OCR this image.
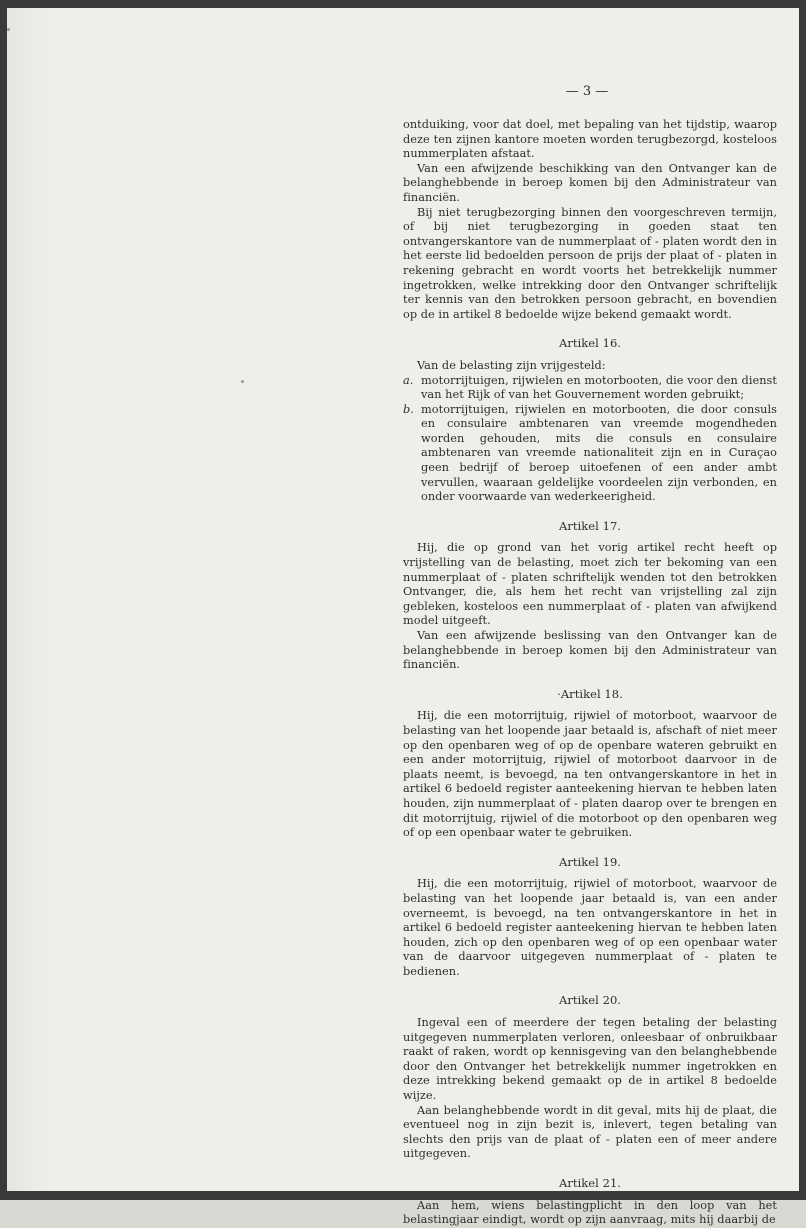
— 3 —

ontduiking, voor dat doel, met bepaling van het tijdstip, waarop deze ten zijnen kantore moeten worden terugbezorgd, kosteloos nummerplaten afstaat.

Van een afwijzende beschikking van den Ontvanger kan de belanghebbende in beroep komen bij den Administrateur van financiën.

Bij niet terugbezorging binnen den voorgeschreven termijn, of bij niet terugbezorging in goeden staat ten ontvangerskantore van de nummerplaat of - platen wordt den in het eerste lid bedoelden persoon de prijs der plaat of - platen in rekening gebracht en wordt voorts het betrekkelijk nummer ingetrokken, welke intrekking door den Ontvanger schriftelijk ter kennis van den betrokken persoon gebracht, en bovendien op de in artikel 8 bedoelde wijze bekend gemaakt wordt.

Artikel 16.

Van de belasting zijn vrijgesteld:

a. motorrijtuigen, rijwielen en motorbooten, die voor den dienst van het Rijk of van het Gouvernement worden gebruikt;
b. motorrijtuigen, rijwielen en motorbooten, die door consuls en consulaire ambtenaren van vreemde mogendheden worden gehouden, mits die consuls en consulaire ambtenaren van vreemde nationaliteit zijn en in Curaçao geen bedrijf of beroep uitoefenen of een ander ambt vervullen, waaraan geldelijke voordeelen zijn verbonden, en onder voorwaarde van wederkeerigheid.
Artikel 17.

Hij, die op grond van het vorig artikel recht heeft op vrijstelling van de belasting, moet zich ter bekoming van een nummerplaat of - platen schriftelijk wenden tot den betrokken Ontvanger, die, als hem het recht van vrijstelling zal zijn gebleken, kosteloos een nummerplaat of - platen van afwijkend model uitgeeft.

Van een afwijzende beslissing van den Ontvanger kan de belanghebbende in beroep komen bij den Administrateur van financiën.

·Artikel 18.

Hij, die een motorrijtuig, rijwiel of motorboot, waarvoor de belasting van het loopende jaar betaald is, afschaft of niet meer op den openbaren weg of op de openbare wateren gebruikt en een ander motorrijtuig, rijwiel of motorboot daarvoor in de plaats neemt, is bevoegd, na ten ontvangerskantore in het in artikel 6 bedoeld register aanteekening hiervan te hebben laten houden, zijn nummerplaat of - platen daarop over te brengen en dit motorrijtuig, rijwiel of die motorboot op den openbaren weg of op een openbaar water te gebruiken.

Artikel 19.

Hij, die een motorrijtuig, rijwiel of motorboot, waarvoor de belasting van het loopende jaar betaald is, van een ander overneemt, is bevoegd, na ten ontvangerskantore in het in artikel 6 bedoeld register aanteekening hiervan te hebben laten houden, zich op den openbaren weg of op een openbaar water van de daarvoor uitgegeven nummerplaat of - platen te bedienen.

Artikel 20.

Ingeval een of meerdere der tegen betaling der belasting uitgegeven nummerplaten verloren, onleesbaar of onbruikbaar raakt of raken, wordt op kennisgeving van den belanghebbende door den Ontvanger het betrekkelijk nummer ingetrokken en deze intrekking bekend gemaakt op de in artikel 8 bedoelde wijze.

Aan belanghebbende wordt in dit geval, mits hij de plaat, die eventueel nog in zijn bezit is, inlevert, tegen betaling van slechts den prijs van de plaat of - platen een of meer andere uitgegeven.

Artikel 21.

Aan hem, wiens belastingplicht in den loop van het belastingjaar eindigt, wordt op zijn aanvraag, mits hij daarbij de
